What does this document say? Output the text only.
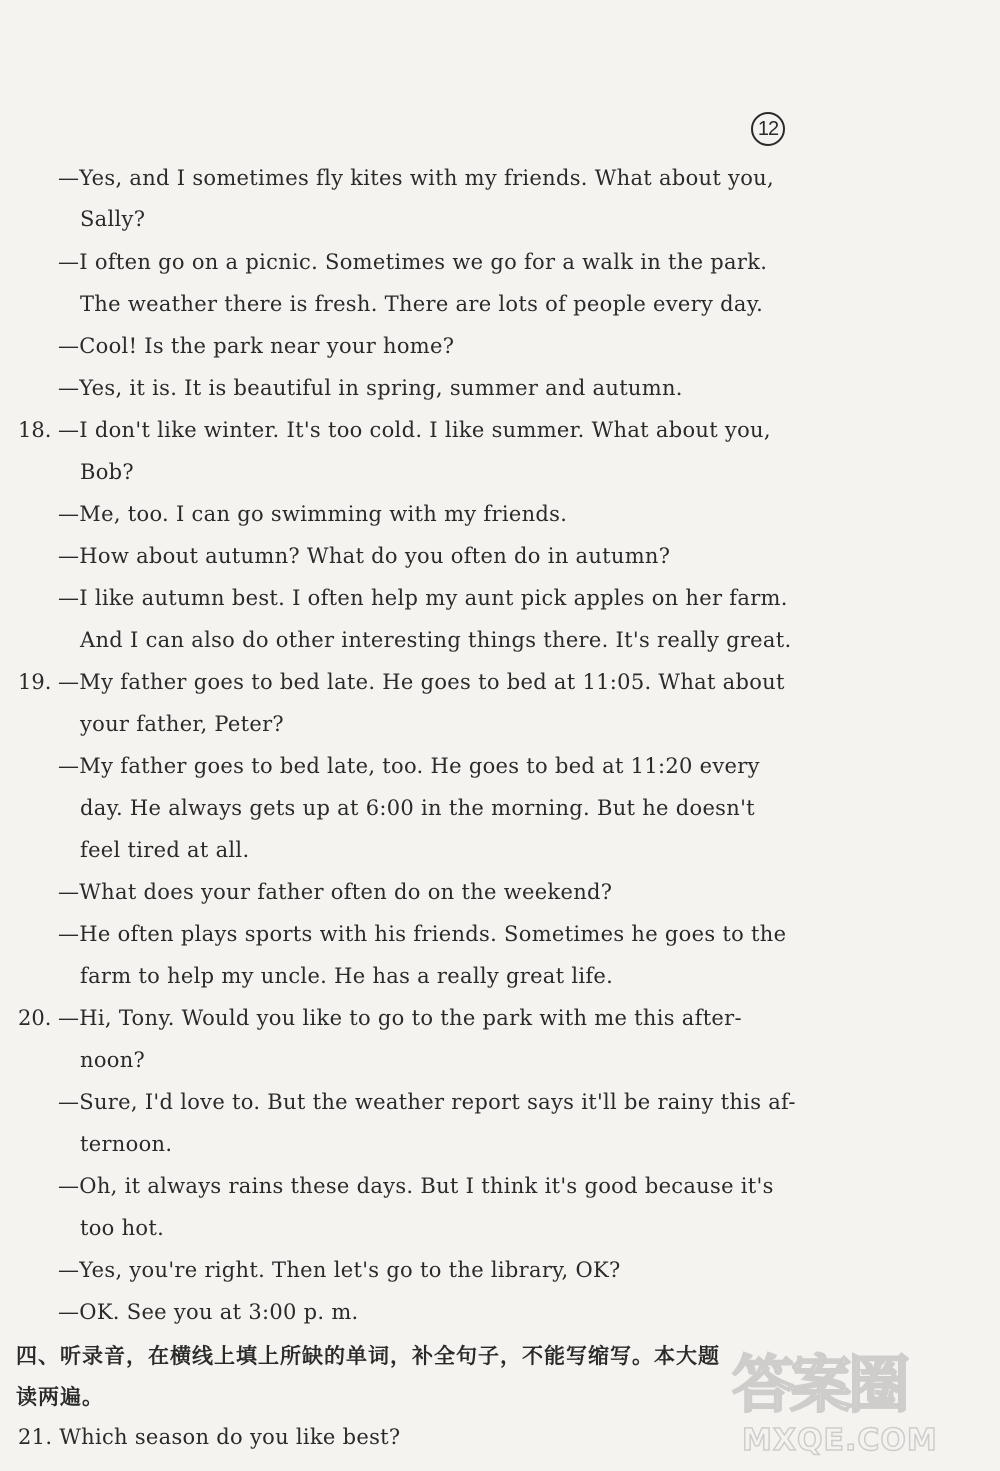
12
—Yes, and I sometimes fly kites with my friends. What about you,
Sally?
—I often go on a picnic. Sometimes we go for a walk in the park.
The weather there is fresh. There are lots of people every day.
—Cool! Is the park near your home?
—Yes, it is. It is beautiful in spring, summer and autumn.
18. —I don't like winter. It's too cold. I like summer. What about you,
Bob?
—Me, too. I can go swimming with my friends.
—How about autumn? What do you often do in autumn?
—I like autumn best. I often help my aunt pick apples on her farm.
And I can also do other interesting things there. It's really great.
19. —My father goes to bed late. He goes to bed at 11:05. What about
your father, Peter?
—My father goes to bed late, too. He goes to bed at 11:20 every
day. He always gets up at 6:00 in the morning. But he doesn't
feel tired at all.
—What does your father often do on the weekend?
—He often plays sports with his friends. Sometimes he goes to the
farm to help my uncle. He has a really great life.
20. —Hi, Tony. Would you like to go to the park with me this after-
noon?
—Sure, I'd love to. But the weather report says it'll be rainy this af-
ternoon.
—Oh, it always rains these days. But I think it's good because it's
too hot.
—Yes, you're right. Then let's go to the library, OK?
—OK. See you at 3:00 p. m.
四、听录音，在横线上填上所缺的单词，补全句子，不能写缩写。本大题
读两遍。
21. Which season do you like best?
答案圈
MXQE.COM
